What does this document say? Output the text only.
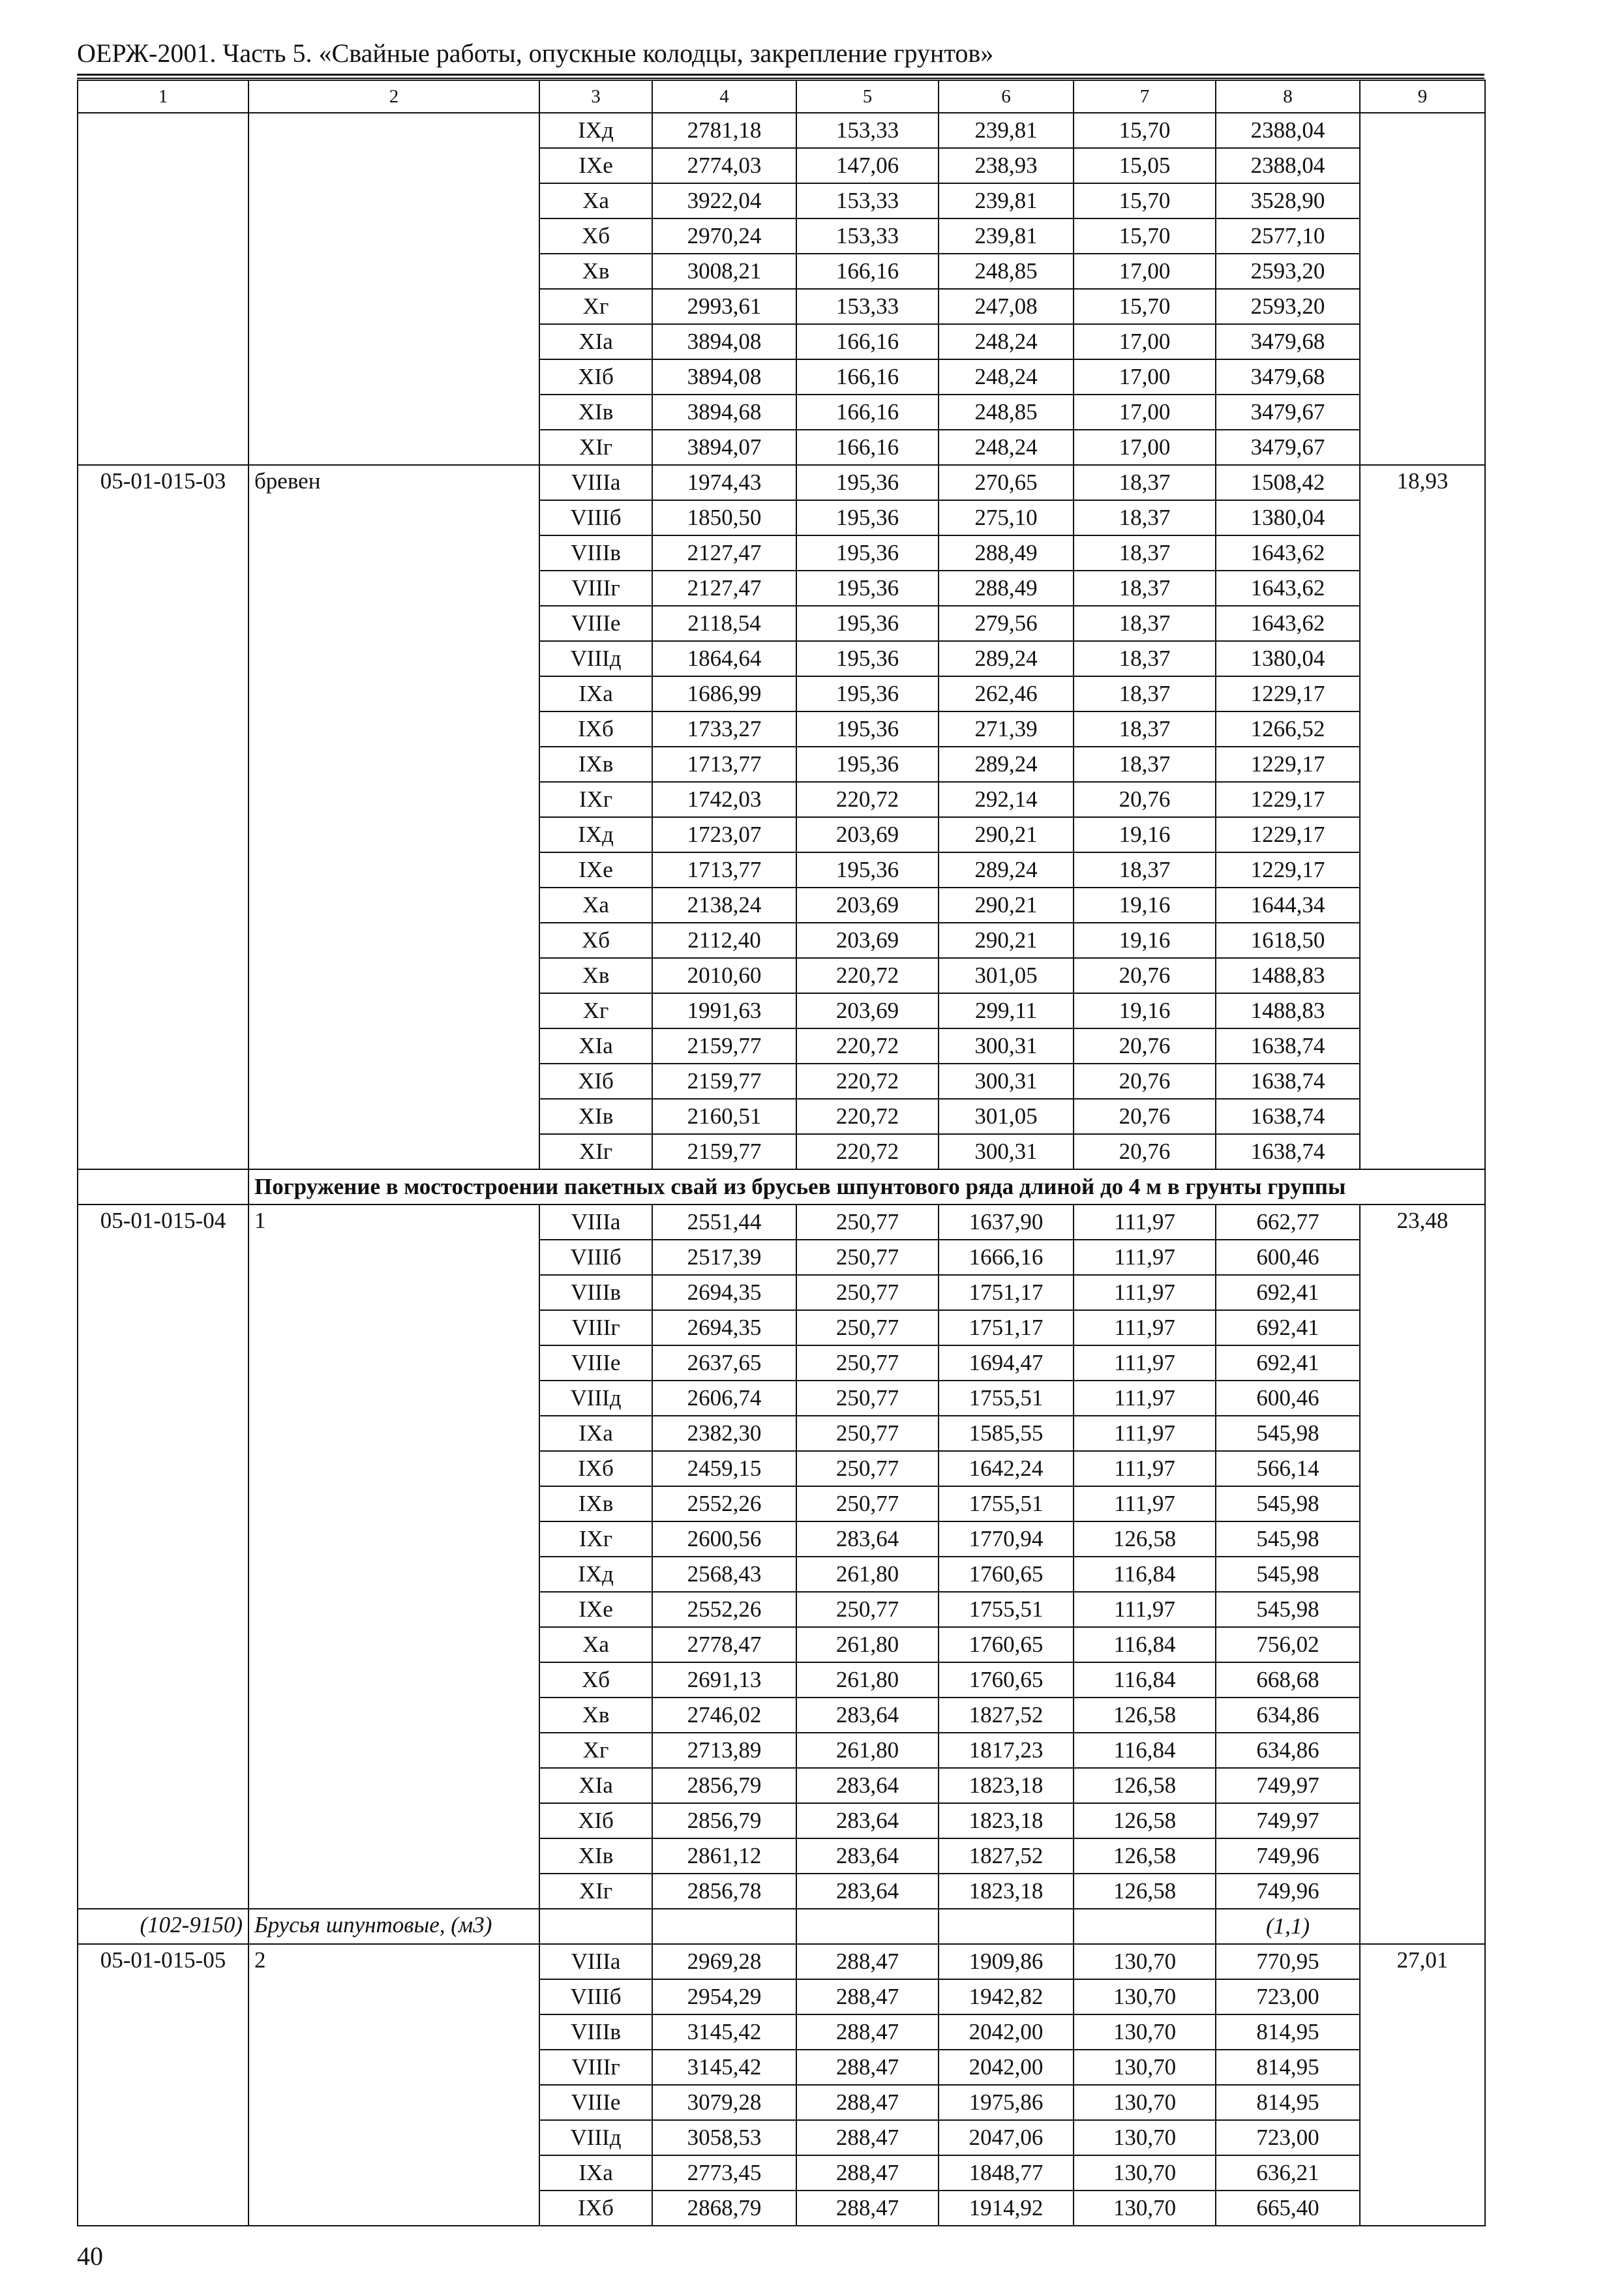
ОЕРЖ-2001. Часть 5. «Свайные работы, опускные колодцы, закрепление грунтов»
1	2	3	4	5	6	7	8	9
		IXд	2781,18	153,33	239,81	15,70	2388,04	
		IXе	2774,03	147,06	238,93	15,05	2388,04	
		Xа	3922,04	153,33	239,81	15,70	3528,90	
		Xб	2970,24	153,33	239,81	15,70	2577,10	
		Xв	3008,21	166,16	248,85	17,00	2593,20	
		Xг	2993,61	153,33	247,08	15,70	2593,20	
		XIа	3894,08	166,16	248,24	17,00	3479,68	
		XIб	3894,08	166,16	248,24	17,00	3479,68	
		XIв	3894,68	166,16	248,85	17,00	3479,67	
		XIг	3894,07	166,16	248,24	17,00	3479,67	
05-01-015-03	бревен	VIIIа	1974,43	195,36	270,65	18,37	1508,42	18,93
		VIIIб	1850,50	195,36	275,10	18,37	1380,04	
		VIIIв	2127,47	195,36	288,49	18,37	1643,62	
		VIIIг	2127,47	195,36	288,49	18,37	1643,62	
		VIIIе	2118,54	195,36	279,56	18,37	1643,62	
		VIIIд	1864,64	195,36	289,24	18,37	1380,04	
		IXа	1686,99	195,36	262,46	18,37	1229,17	
		IXб	1733,27	195,36	271,39	18,37	1266,52	
		IXв	1713,77	195,36	289,24	18,37	1229,17	
		IXг	1742,03	220,72	292,14	20,76	1229,17	
		IXд	1723,07	203,69	290,21	19,16	1229,17	
		IXе	1713,77	195,36	289,24	18,37	1229,17	
		Xа	2138,24	203,69	290,21	19,16	1644,34	
		Xб	2112,40	203,69	290,21	19,16	1618,50	
		Xв	2010,60	220,72	301,05	20,76	1488,83	
		Xг	1991,63	203,69	299,11	19,16	1488,83	
		XIа	2159,77	220,72	300,31	20,76	1638,74	
		XIб	2159,77	220,72	300,31	20,76	1638,74	
		XIв	2160,51	220,72	301,05	20,76	1638,74	
		XIг	2159,77	220,72	300,31	20,76	1638,74	
	Погружение в мостостроении пакетных свай из брусьев шпунтового ряда длиной до 4 м в грунты группы							
05-01-015-04	1	VIIIа	2551,44	250,77	1637,90	111,97	662,77	23,48
		VIIIб	2517,39	250,77	1666,16	111,97	600,46	
		VIIIв	2694,35	250,77	1751,17	111,97	692,41	
		VIIIг	2694,35	250,77	1751,17	111,97	692,41	
		VIIIе	2637,65	250,77	1694,47	111,97	692,41	
		VIIIд	2606,74	250,77	1755,51	111,97	600,46	
		IXа	2382,30	250,77	1585,55	111,97	545,98	
		IXб	2459,15	250,77	1642,24	111,97	566,14	
		IXв	2552,26	250,77	1755,51	111,97	545,98	
		IXг	2600,56	283,64	1770,94	126,58	545,98	
		IXд	2568,43	261,80	1760,65	116,84	545,98	
		IXе	2552,26	250,77	1755,51	111,97	545,98	
		Xа	2778,47	261,80	1760,65	116,84	756,02	
		Xб	2691,13	261,80	1760,65	116,84	668,68	
		Xв	2746,02	283,64	1827,52	126,58	634,86	
		Xг	2713,89	261,80	1817,23	116,84	634,86	
		XIа	2856,79	283,64	1823,18	126,58	749,97	
		XIб	2856,79	283,64	1823,18	126,58	749,97	
		XIв	2861,12	283,64	1827,52	126,58	749,96	
		XIг	2856,78	283,64	1823,18	126,58	749,96	
(102-9150)	Брусья шпунтовые, (м3)						(1,1)	
05-01-015-05	2	VIIIа	2969,28	288,47	1909,86	130,70	770,95	27,01
		VIIIб	2954,29	288,47	1942,82	130,70	723,00	
		VIIIв	3145,42	288,47	2042,00	130,70	814,95	
		VIIIг	3145,42	288,47	2042,00	130,70	814,95	
		VIIIе	3079,28	288,47	1975,86	130,70	814,95	
		VIIIд	3058,53	288,47	2047,06	130,70	723,00	
		IXа	2773,45	288,47	1848,77	130,70	636,21	
		IXб	2868,79	288,47	1914,92	130,70	665,40	
40
